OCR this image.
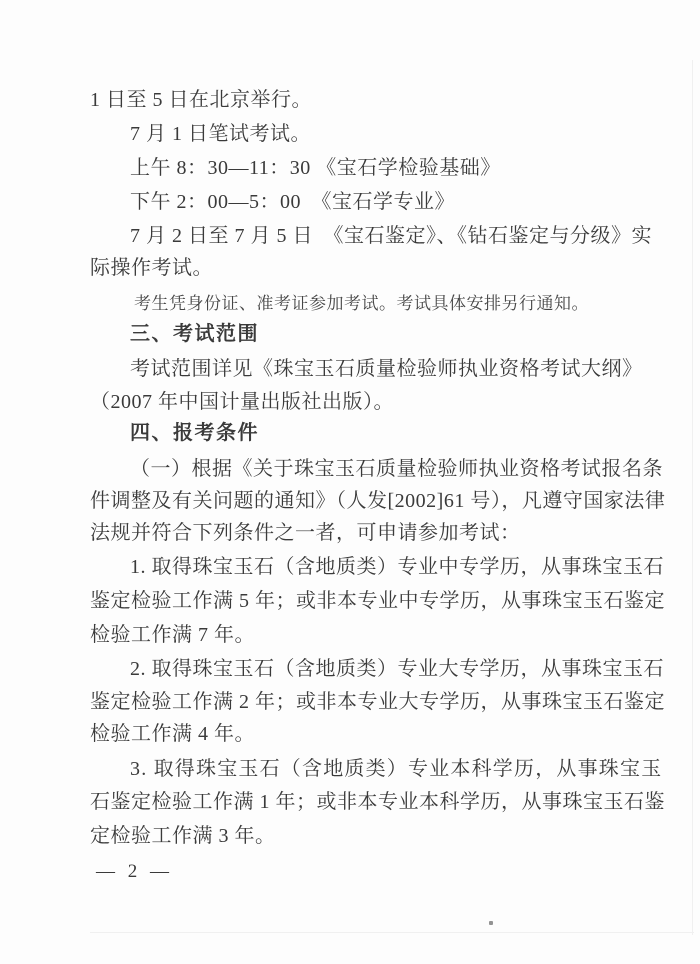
1 日至 5 日在北京举行。
7 月 1 日笔试考试。
上午 8：30—11：30 《宝石学检验基础》
下午 2：00—5：00　《宝石学专业》
7 月 2 日至 7 月 5 日　《宝石鉴定》、《钻石鉴定与分级》实
际操作考试。
考生凭身份证、准考证参加考试。考试具体安排另行通知。
三、考试范围
考试范围详见《珠宝玉石质量检验师执业资格考试大纲》
（2007 年中国计量出版社出版）。
四、报考条件
（一）根据《关于珠宝玉石质量检验师执业资格考试报名条
件调整及有关问题的通知》（人发[2002]61 号），凡遵守国家法律
法规并符合下列条件之一者，可申请参加考试：
1. 取得珠宝玉石（含地质类）专业中专学历，从事珠宝玉石
鉴定检验工作满 5 年；或非本专业中专学历，从事珠宝玉石鉴定
检验工作满 7 年。
2. 取得珠宝玉石（含地质类）专业大专学历，从事珠宝玉石
鉴定检验工作满 2 年；或非本专业大专学历，从事珠宝玉石鉴定
检验工作满 4 年。
3. 取得珠宝玉石（含地质类）专业本科学历，从事珠宝玉
石鉴定检验工作满 1 年；或非本专业本科学历，从事珠宝玉石鉴
定检验工作满 3 年。
— 2 —
